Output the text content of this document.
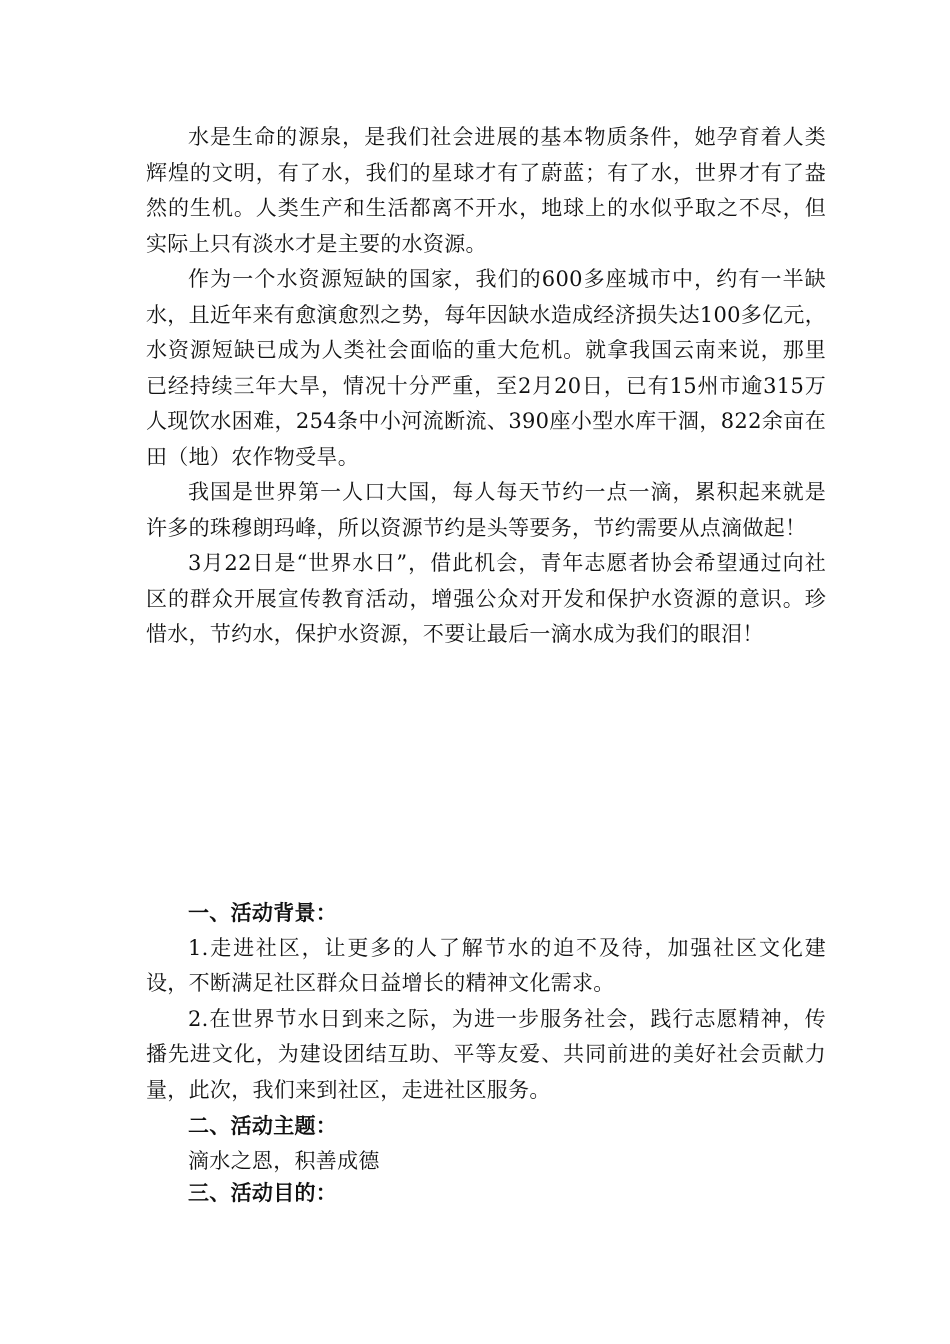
水是生命的源泉，是我们社会进展的基本物质条件，她孕育着人类辉煌的文明，有了水，我们的星球才有了蔚蓝；有了水，世界才有了盎然的生机。人类生产和生活都离不开水，地球上的水似乎取之不尽，但实际上只有淡水才是主要的水资源。

作为一个水资源短缺的国家，我们的600多座城市中，约有一半缺水，且近年来有愈演愈烈之势，每年因缺水造成经济损失达100多亿元，水资源短缺已成为人类社会面临的重大危机。就拿我国云南来说，那里已经持续三年大旱，情况十分严重，至2月20日，已有15州市逾315万人现饮水困难，254条中小河流断流、390座小型水库干涸，822余亩在田（地）农作物受旱。

我国是世界第一人口大国，每人每天节约一点一滴，累积起来就是许多的珠穆朗玛峰，所以资源节约是头等要务，节约需要从点滴做起！

3月22日是“世界水日”，借此机会，青年志愿者协会希望通过向社区的群众开展宣传教育活动，增强公众对开发和保护水资源的意识。珍惜水，节约水，保护水资源，不要让最后一滴水成为我们的眼泪！

一、活动背景：

1.走进社区，让更多的人了解节水的迫不及待，加强社区文化建设，不断满足社区群众日益增长的精神文化需求。

2.在世界节水日到来之际，为进一步服务社会，践行志愿精神，传播先进文化，为建设团结互助、平等友爱、共同前进的美好社会贡献力量，此次，我们来到社区，走进社区服务。

二、活动主题：

滴水之恩，积善成德

三、活动目的：
